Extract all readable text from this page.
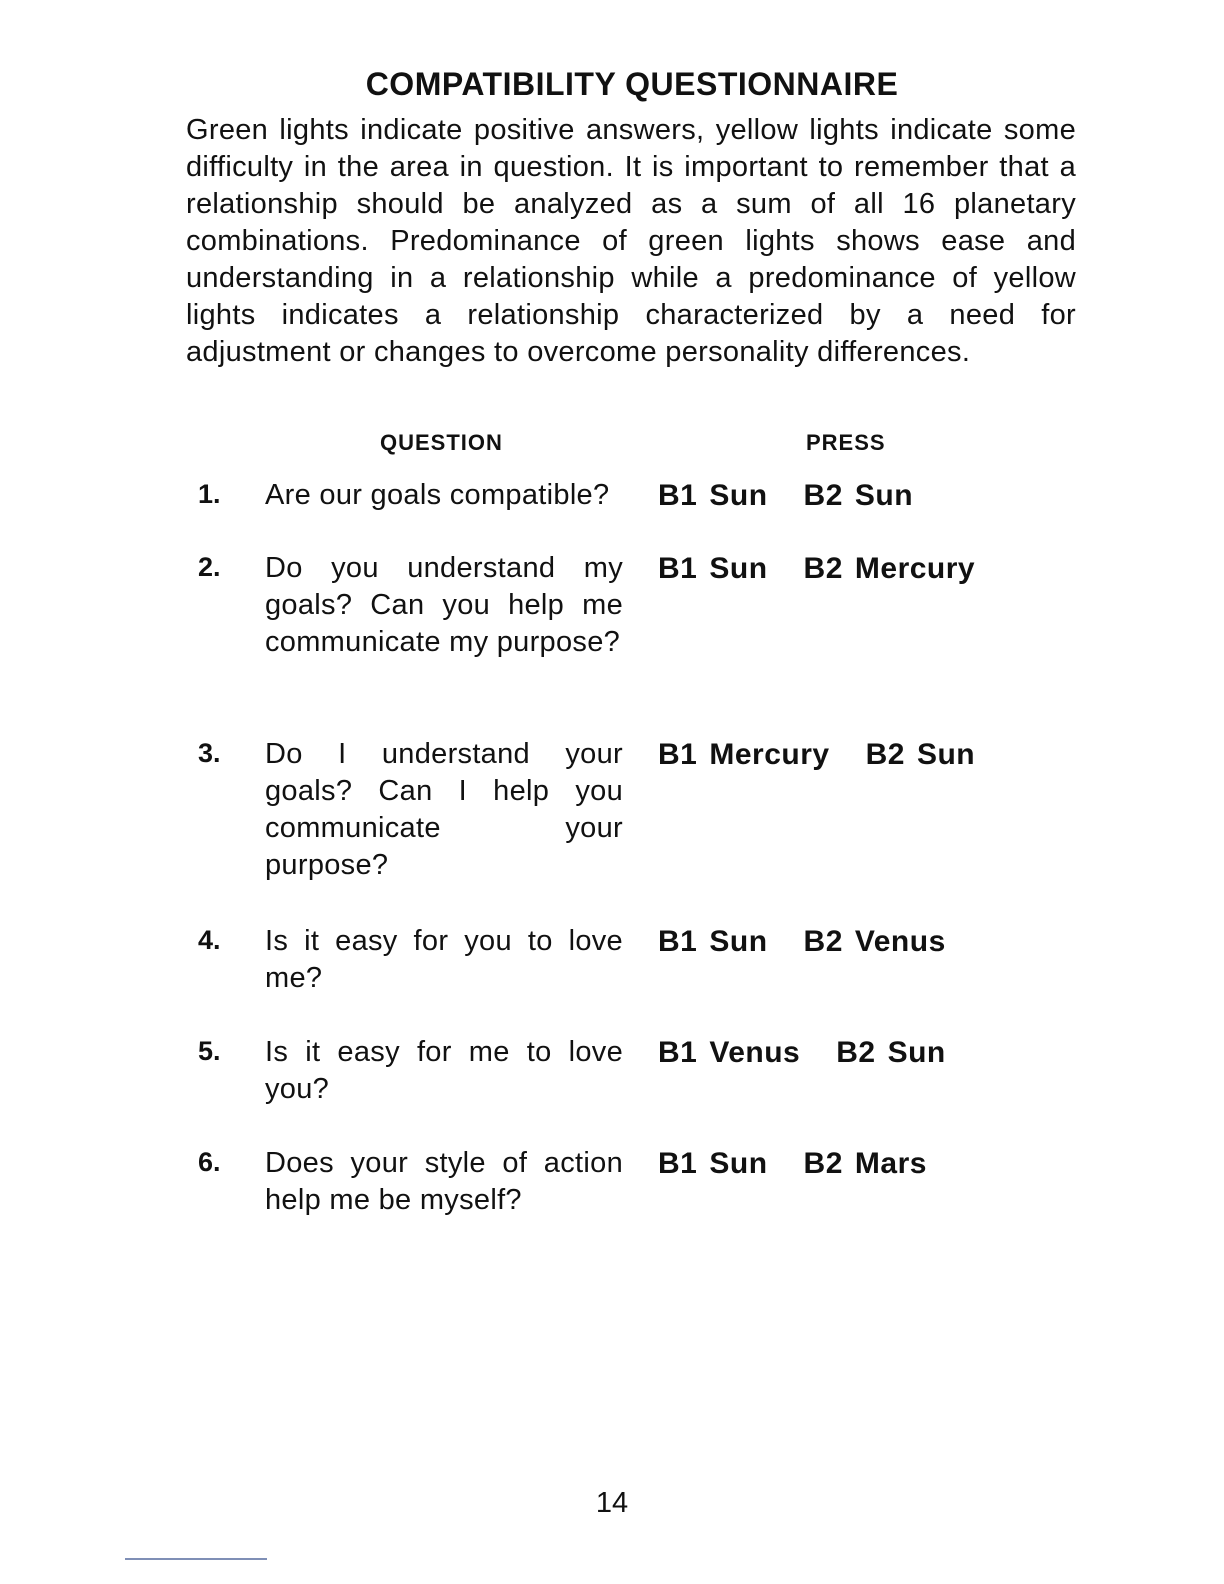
COMPATIBILITY QUESTIONNAIRE
Green lights indicate positive answers, yellow lights indicate some difficulty in the area in question. It is important to remember that a relationship should be analyzed as a sum of all 16 planetary combinations. Predominance of green lights shows ease and understanding in a relationship while a predominance of yellow lights indicates a relationship characterized by a need for adjustment or changes to overcome personality differences.
QUESTION	PRESS
1. Are our goals compatible?	B1 Sun B2 Sun
2. Do you understand my goals? Can you help me communicate my purpose?
B1 Sun B2 Mercury
3. Do I understand your goals? Can I help you communicate your purpose?
B1 Mercury B2 Sun
4. Is it easy for you to love me?
B1 Sun B2 Venus
5. Is it easy for me to love you?
B1 Venus B2 Sun
6. Does your style of action help me be myself?
B1 Sun B2 Mars
14
